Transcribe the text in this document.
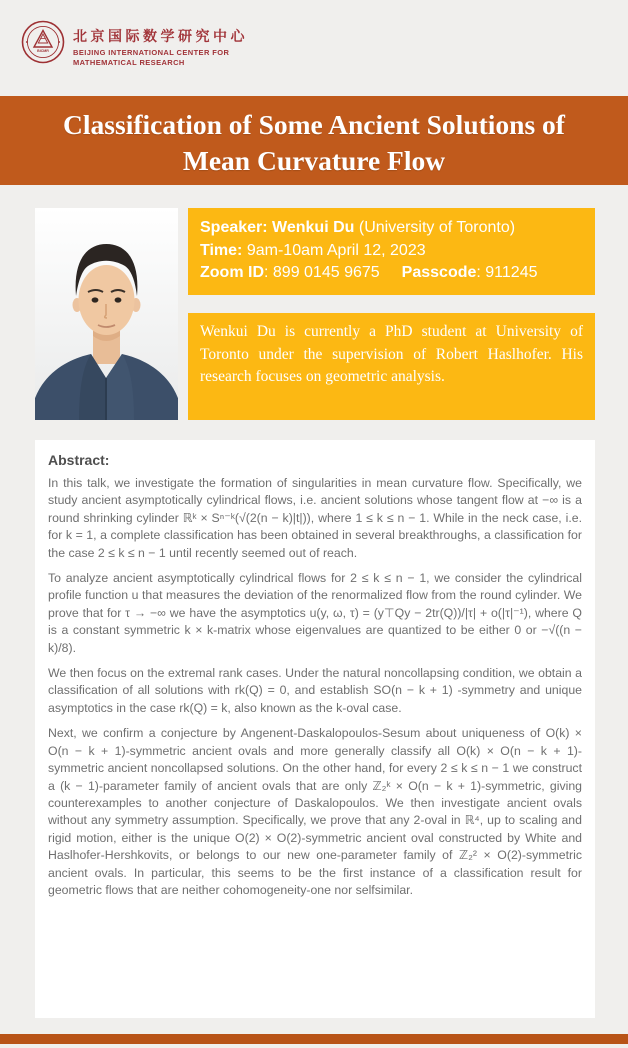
BICMR
北京国际数学研究中心
BEIJING INTERNATIONAL CENTER FOR
MATHEMATICAL RESEARCH
Classification of Some Ancient Solutions of
Mean Curvature Flow
Speaker: Wenkui Du (University of Toronto)
Time: 9am-10am April 12, 2023
Zoom ID: 899 0145 9675 Passcode: 911245
Wenkui Du is currently a PhD student at University of Toronto under the supervision of Robert Haslhofer. His research focuses on geometric analysis.

Abstract:

In this talk, we investigate the formation of singularities in mean curvature flow. Specifically, we study ancient asymptotically cylindrical flows, i.e. ancient solutions whose tangent flow at −∞ is a round shrinking cylinder ℝᵏ × Sⁿ⁻ᵏ(√(2(n − k)|t|)), where 1 ≤ k ≤ n − 1. While in the neck case, i.e. for k = 1, a complete classification has been obtained in several breakthroughs, a classification for the case 2 ≤ k ≤ n − 1 until recently seemed out of reach.

To analyze ancient asymptotically cylindrical flows for 2 ≤ k ≤ n − 1, we consider the cylindrical profile function u that measures the deviation of the renormalized flow from the round cylinder. We prove that for τ → −∞ we have the asymptotics u(y, ω, τ) = (y⊤Qy − 2tr(Q))/|τ| + o(|τ|⁻¹), where Q is a constant symmetric k × k-matrix whose eigenvalues are quantized to be either 0 or −√((n − k)/8).

We then focus on the extremal rank cases. Under the natural noncollapsing condition, we obtain a classification of all solutions with rk(Q) = 0, and establish SO(n − k + 1) -symmetry and unique asymptotics in the case rk(Q) = k, also known as the k-oval case.

Next, we confirm a conjecture by Angenent-Daskalopoulos-Sesum about uniqueness of O(k) × O(n − k + 1)-symmetric ancient ovals and more generally classify all O(k) × O(n − k + 1)-symmetric ancient noncollapsed solutions. On the other hand, for every 2 ≤ k ≤ n − 1 we construct a (k − 1)-parameter family of ancient ovals that are only ℤ₂ᵏ × O(n − k + 1)-symmetric, giving counterexamples to another conjecture of Daskalopoulos. We then investigate ancient ovals without any symmetry assumption. Specifically, we prove that any 2-oval in ℝ⁴, up to scaling and rigid motion, either is the unique O(2) × O(2)-symmetric ancient oval constructed by White and Haslhofer-Hershkovits, or belongs to our new one-parameter family of ℤ₂² × O(2)-symmetric ancient ovals. In particular, this seems to be the first instance of a classification result for geometric flows that are neither cohomogeneity-one nor selfsimilar.
